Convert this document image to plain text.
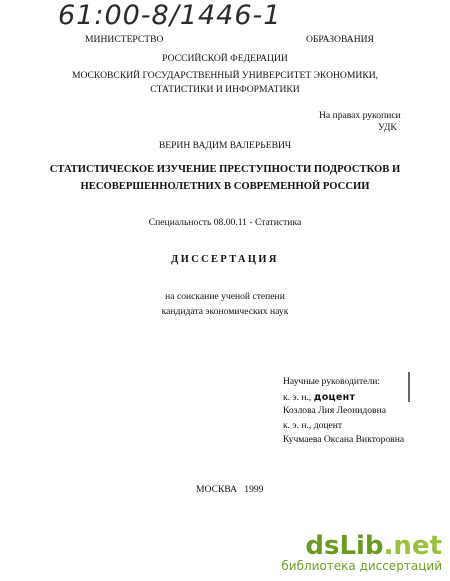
61:00-8/1446-1
МИНИСТЕРСТВО	ОБРАЗОВАНИЯ
РОССИЙСКОЙ ФЕДЕРАЦИИ
МОСКОВСКИЙ ГОСУДАРСТВЕННЫЙ УНИВЕРСИТЕТ ЭКОНОМИКИ,
СТАТИСТИКИ И ИНФОРМАТИКИ
На правах рукописи
УДК
ВЕРИН ВАДИМ ВАЛЕРЬЕВИЧ
СТАТИСТИЧЕСКОЕ ИЗУЧЕНИЕ ПРЕСТУПНОСТИ ПОДРОСТКОВ И
НЕСОВЕРШЕННОЛЕТНИХ В СОВРЕМЕННОЙ РОССИИ
Специальность 08.00.11 - Статистика
ДИССЕРТАЦИЯ
на соискание ученой степени
кандидата экономических наук
Научные руководители:
к. э. н., доцент
Козлова Лия Леонидовна
к. э. н., доцент
Кучмаева Оксана Викторовна
МОСКВА   1999
dsLib.net
библиотека диссертаций
